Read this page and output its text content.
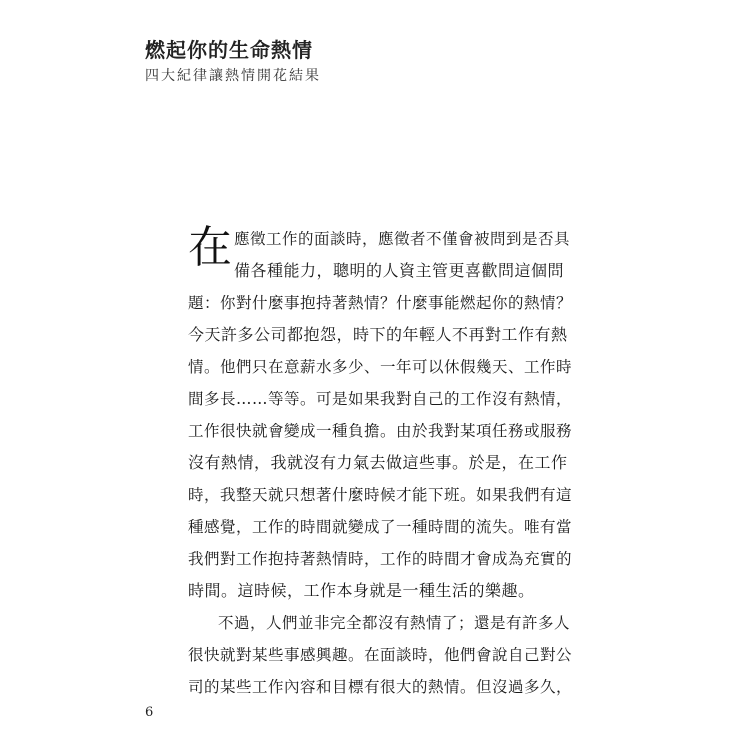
燃起你的生命熱情
四大紀律讓熱情開花結果
在 應徵工作的面談時，應徵者不僅會被問到是否具
備各種能力，聰明的人資主管更喜歡問這個問
題：你對什麼事抱持著熱情？什麼事能燃起你的熱情？
今天許多公司都抱怨，時下的年輕人不再對工作有熱
情。他們只在意薪水多少、一年可以休假幾天、工作時
間多長……等等。可是如果我對自己的工作沒有熱情，
工作很快就會變成一種負擔。由於我對某項任務或服務
沒有熱情，我就沒有力氣去做這些事。於是，在工作
時，我整天就只想著什麼時候才能下班。如果我們有這
種感覺，工作的時間就變成了一種時間的流失。唯有當
我們對工作抱持著熱情時，工作的時間才會成為充實的
時間。這時候，工作本身就是一種生活的樂趣。
不過，人們並非完全都沒有熱情了；還是有許多人
很快就對某些事感興趣。在面談時，他們會說自己對公
司的某些工作內容和目標有很大的熱情。但沒過多久，
6
